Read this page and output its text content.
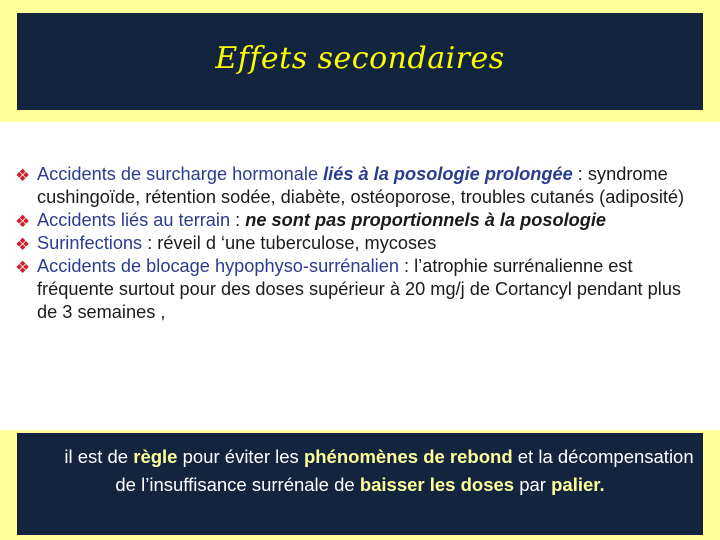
Effets secondaires
❖ Accidents de surcharge hormonale liés à la posologie prolongée : syndrome cushingoïde, rétention sodée, diabète, ostéoporose, troubles cutanés (adiposité)
❖ Accidents liés au terrain : ne sont pas proportionnels à la posologie
❖ Surinfections : réveil d ‘une tuberculose, mycoses
❖ Accidents de blocage hypophyso-surrénalien : l’atrophie surrénalienne est fréquente surtout pour des doses supérieur à 20 mg/j de Cortancyl pendant plus de 3 semaines ,
il est de règle pour éviter les phénomènes de rebond et la décompensation de l’insuffisance surrénale de baisser les doses par palier.
